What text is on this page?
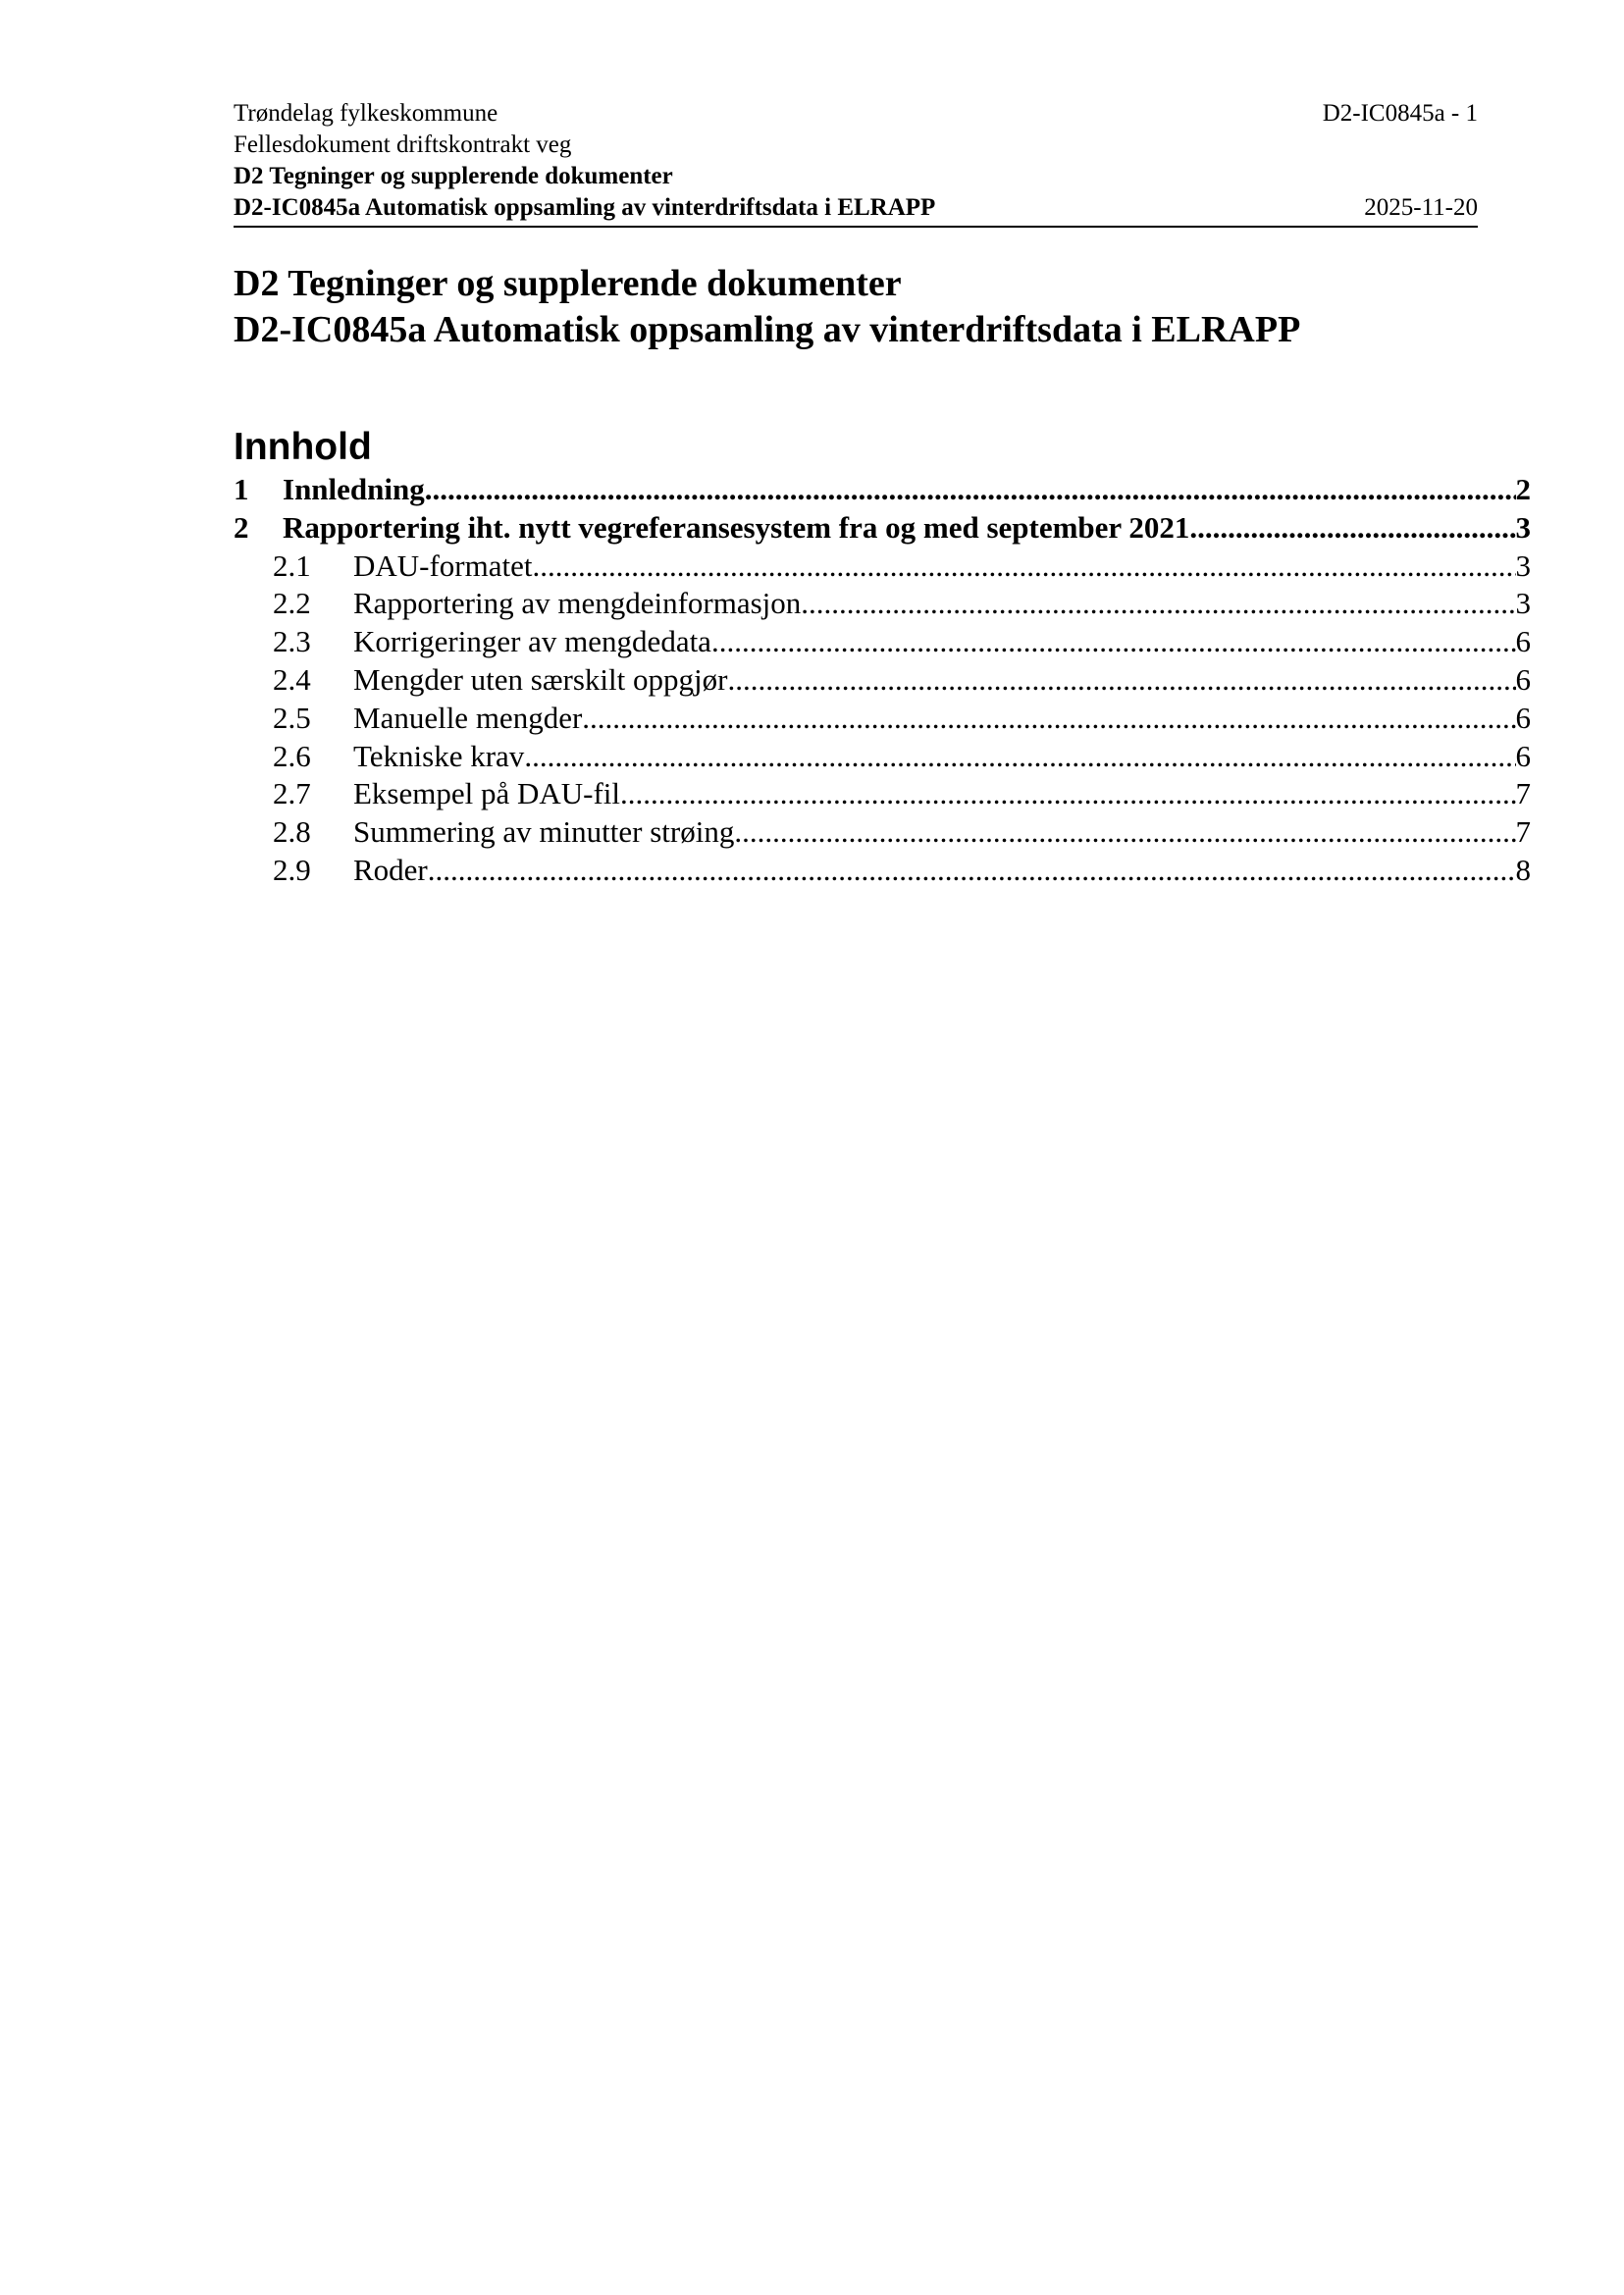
Trøndelag fylkeskommune	D2-IC0845a - 1
Fellesdokument driftskontrakt veg
D2 Tegninger og supplerende dokumenter
D2-IC0845a Automatisk oppsamling av vinterdriftsdata i ELRAPP	2025-11-20
D2 Tegninger og supplerende dokumenter
D2-IC0845a Automatisk oppsamling av vinterdriftsdata i ELRAPP
Innhold
1	Innledning .....	2
2	Rapportering iht. nytt vegreferansesystem fra og med september 2021 .....	3
2.1	DAU-formatet .....	3
2.2	Rapportering av mengdeinformasjon .....	3
2.3	Korrigeringer av mengdedata .....	6
2.4	Mengder uten særskilt oppgjør .....	6
2.5	Manuelle mengder .....	6
2.6	Tekniske krav .....	6
2.7	Eksempel på DAU-fil .....	7
2.8	Summering av minutter strøing .....	7
2.9	Roder .....	8
